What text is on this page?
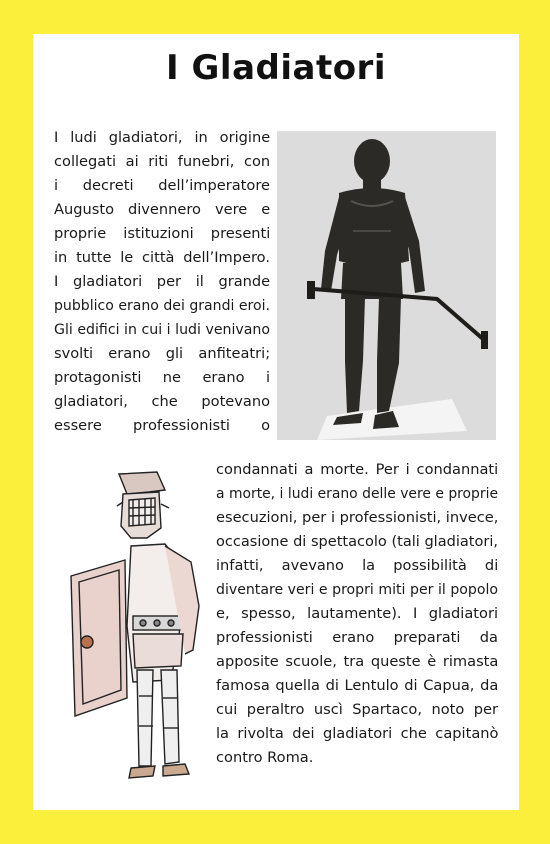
I Gladiatori
I ludi gladiatori, in origine
collegati ai riti funebri, con
i decreti dell’imperatore
Augusto divennero vere e
proprie istituzioni presenti
in tutte le città dell’Impero.
I gladiatori per il grande
pubblico erano dei grandi eroi.
Gli edifici in cui i ludi venivano
svolti erano gli anfiteatri;
protagonisti ne erano i
gladiatori, che potevano
essere professionisti o
condannati a morte. Per i condannati
a morte, i ludi erano delle vere e proprie
esecuzioni, per i professionisti, invece,
occasione di spettacolo (tali gladiatori,
infatti, avevano la possibilità di
diventare veri e propri miti per il popolo
e, spesso, lautamente). I gladiatori
professionisti erano preparati da
apposite scuole, tra queste è rimasta
famosa quella di Lentulo di Capua, da
cui peraltro uscì Spartaco, noto per
la rivolta dei gladiatori che capitanò
contro Roma.
